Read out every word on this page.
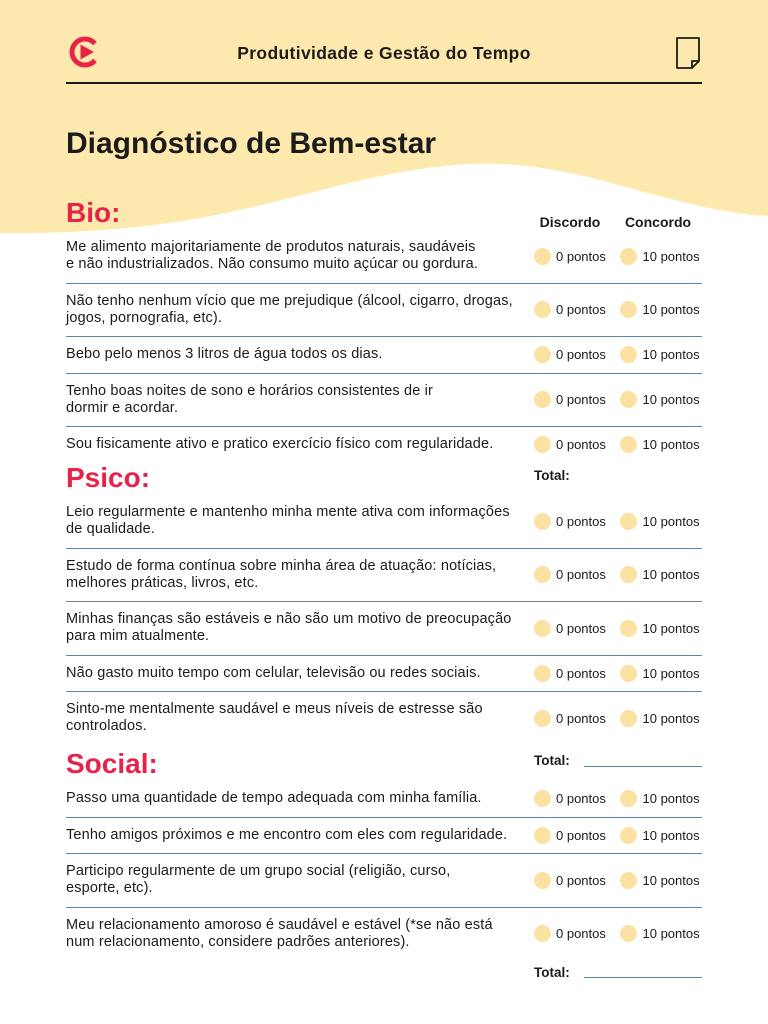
Produtividade e Gestão do Tempo
Diagnóstico de Bem-estar
Discordo	Concordo
Bio:
Me alimento majoritariamente de produtos naturais, saudáveis
e não industrializados. Não consumo muito açúcar ou gordura.	0 pontos	10 pontos
Não tenho nenhum vício que me prejudique (álcool, cigarro, drogas,
jogos, pornografia, etc).	0 pontos	10 pontos
Bebo pelo menos 3 litros de água todos os dias.	0 pontos	10 pontos
Tenho boas noites de sono e horários consistentes de ir
dormir e acordar.	0 pontos	10 pontos
Sou fisicamente ativo e pratico exercício físico com regularidade.	0 pontos	10 pontos
Psico:
Leio regularmente e mantenho minha mente ativa com informações
de qualidade.	0 pontos	10 pontos
Estudo de forma contínua sobre minha área de atuação: notícias,
melhores práticas, livros, etc.	0 pontos	10 pontos
Minhas finanças são estáveis e não são um motivo de preocupação
para mim atualmente.	0 pontos	10 pontos
Não gasto muito tempo com celular, televisão ou redes sociais.	0 pontos	10 pontos
Sinto-me mentalmente saudável e meus níveis de estresse são
controlados.	0 pontos	10 pontos
Social:
Passo uma quantidade de tempo adequada com minha família.	0 pontos	10 pontos
Tenho amigos próximos e me encontro com eles com regularidade.	0 pontos	10 pontos
Participo regularmente de um grupo social (religião, curso,
esporte, etc).	0 pontos	10 pontos
Meu relacionamento amoroso é saudável e estável (*se não está
num relacionamento, considere padrões anteriores).	0 pontos	10 pontos
Total:
Total:
Total:
